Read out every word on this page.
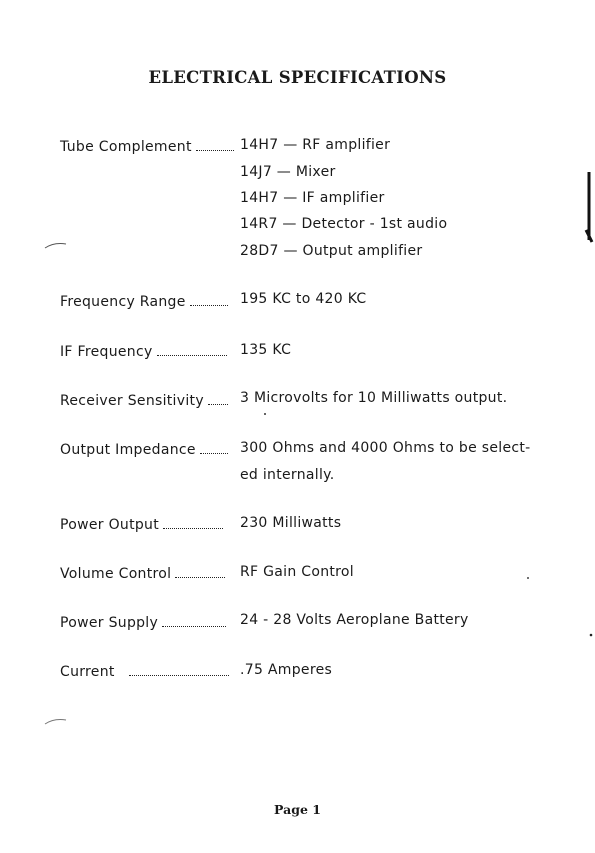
ELECTRICAL SPECIFICATIONS
Tube Complement	14H7 — RF amplifier
14J7 — Mixer
14H7 — IF amplifier
14R7 — Detector - 1st audio
28D7 — Output amplifier
Frequency Range	195 KC to 420 KC
IF Frequency	135 KC
Receiver Sensitivity	3 Microvolts for 10 Milliwatts output.
Output Impedance	300 Ohms and 4000 Ohms to be select-
ed internally.
Power Output	230 Milliwatts
Volume Control	RF Gain Control
Power Supply	24 - 28 Volts Aeroplane Battery
Current	.75 Amperes
Page 1
